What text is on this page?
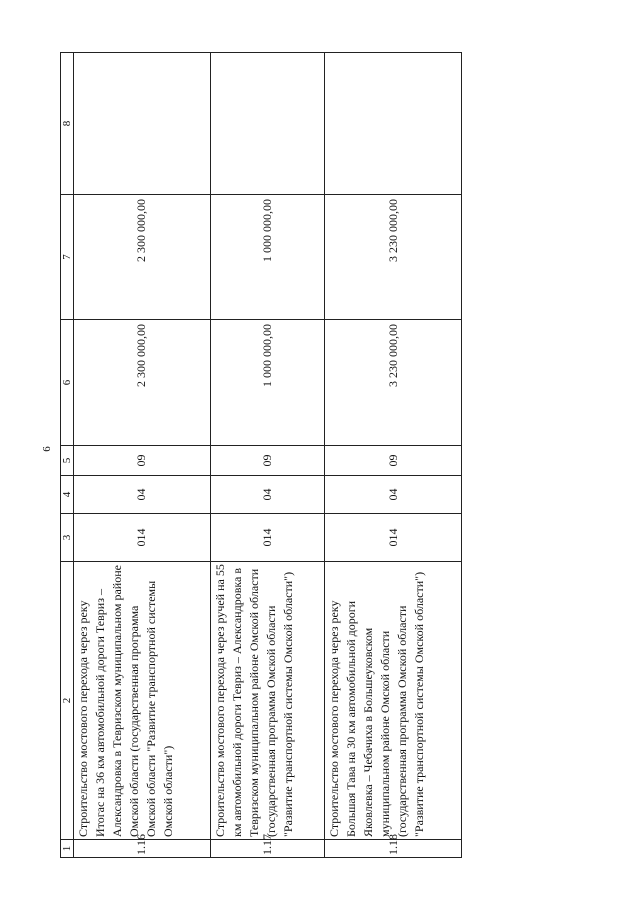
6
1	2	3	4	5	6	7	8
1.16	Строительство мостового перехода через реку Итогас на 36 км автомобильной дороги Тевриз – Александровка в Тевризском муниципальном районе Омской области (государственная программа Омской области "Развитие транспортной системы Омской области")	014	04	09	2 300 000,00	2 300 000,00	
1.17	Строительство мостового перехода через ручей на 55 км автомобильной дороги Тевриз – Александровка в Тевризском муниципальном районе Омской области (государственная программа Омской области "Развитие транспортной системы Омской области")	014	04	09	1 000 000,00	1 000 000,00	
1.18	Строительство мостового перехода через реку Большая Тава на 30 км автомобильной дороги Яковлевка – Чебачиха в Большеуковском муниципальном районе Омской области (государственная программа Омской области "Развитие транспортной системы Омской области")	014	04	09	3 230 000,00	3 230 000,00	
